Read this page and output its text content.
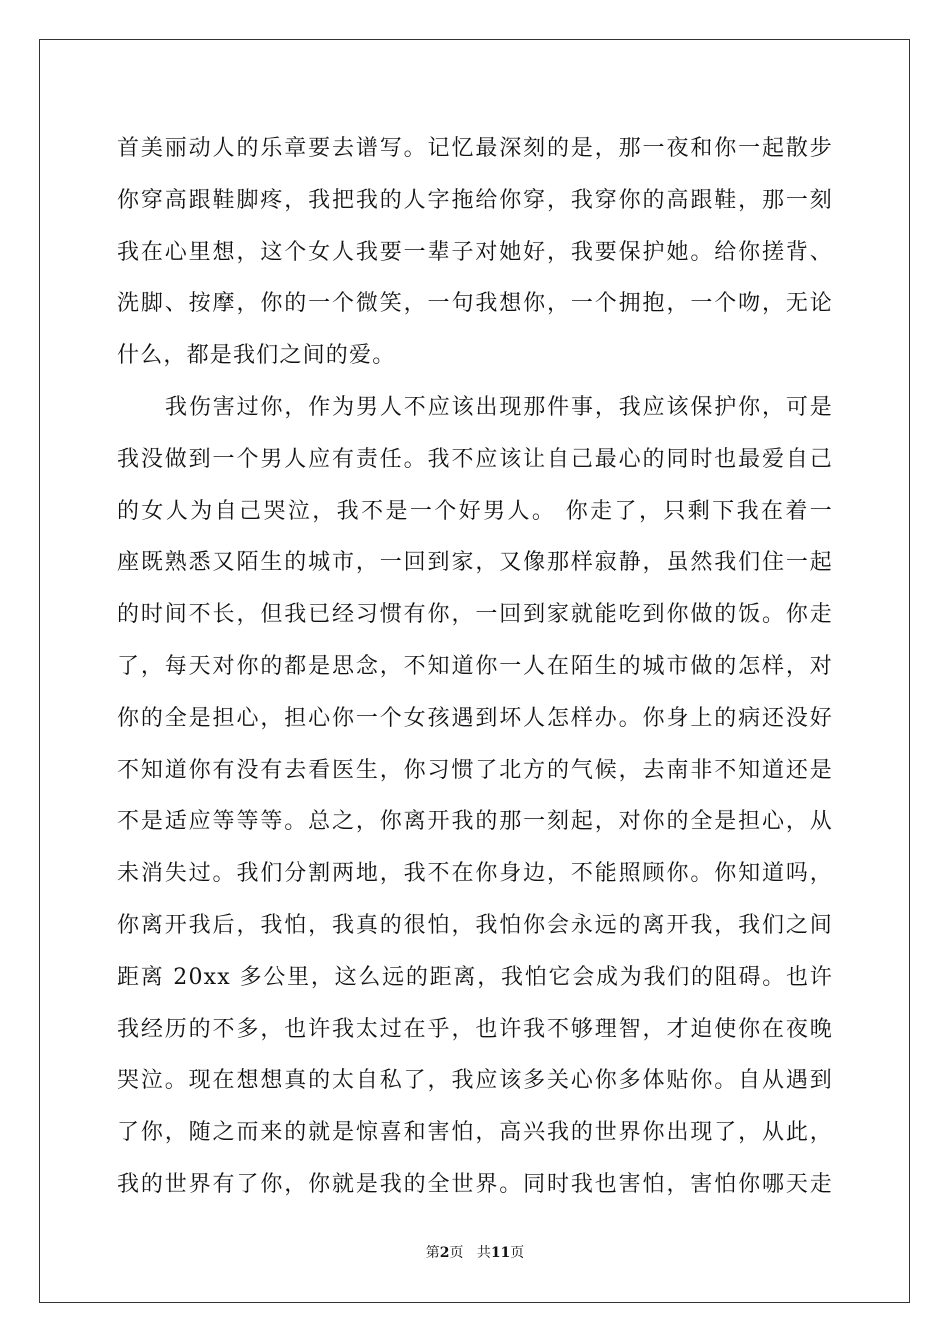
首美丽动人的乐章要去谱写。记忆最深刻的是，那一夜和你一起散步
你穿高跟鞋脚疼，我把我的人字拖给你穿，我穿你的高跟鞋，那一刻
我在心里想，这个女人我要一辈子对她好，我要保护她。给你搓背、
洗脚、按摩，你的一个微笑，一句我想你，一个拥抱，一个吻，无论
什么，都是我们之间的爱。
我伤害过你，作为男人不应该出现那件事，我应该保护你，可是
我没做到一个男人应有责任。我不应该让自己最心的同时也最爱自己
的女人为自己哭泣，我不是一个好男人。 你走了，只剩下我在着一
座既熟悉又陌生的城市，一回到家，又像那样寂静，虽然我们住一起
的时间不长，但我已经习惯有你，一回到家就能吃到你做的饭。你走
了，每天对你的都是思念，不知道你一人在陌生的城市做的怎样，对
你的全是担心，担心你一个女孩遇到坏人怎样办。你身上的病还没好
不知道你有没有去看医生，你习惯了北方的气候，去南非不知道还是
不是适应等等等。总之，你离开我的那一刻起，对你的全是担心，从
未消失过。我们分割两地，我不在你身边，不能照顾你。你知道吗，
你离开我后，我怕，我真的很怕，我怕你会永远的离开我，我们之间
距离 20xx 多公里，这么远的距离，我怕它会成为我们的阻碍。也许
我经历的不多，也许我太过在乎，也许我不够理智，才迫使你在夜晚
哭泣。现在想想真的太自私了，我应该多关心你多体贴你。自从遇到
了你，随之而来的就是惊喜和害怕，高兴我的世界你出现了，从此，
我的世界有了你，你就是我的全世界。同时我也害怕，害怕你哪天走
第2页 共11页
